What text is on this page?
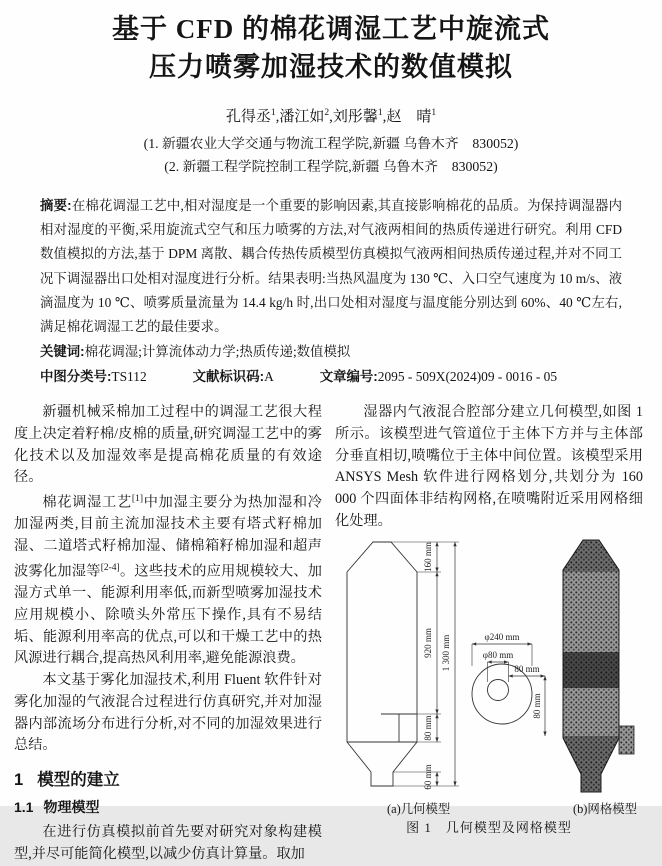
基于 CFD 的棉花调湿工艺中旋流式
压力喷雾加湿技术的数值模拟
孔得丞$^1$,潘江如$^2$,刘彤馨$^1$,赵　晴$^1$
(1. 新疆农业大学交通与物流工程学院,新疆 乌鲁木齐　830052)
(2. 新疆工程学院控制工程学院,新疆 乌鲁木齐　830052)
摘要:在棉花调湿工艺中,相对湿度是一个重要的影响因素,其直接影响棉花的品质。为保持调湿器内相对湿度的平衡,采用旋流式空气和压力喷雾的方法,对气液两相间的热质传递进行研究。利用 CFD 数值模拟的方法,基于 DPM 离散、耦合传热传质模型仿真模拟气液两相间热质传递过程,并对不同工况下调湿器出口处相对湿度进行分析。结果表明:当热风温度为 130 ℃、入口空气速度为 10 m/s、液滴温度为 10 ℃、喷雾质量流量为 14.4 kg/h 时,出口处相对湿度与温度能分别达到 60%、40 ℃左右,满足棉花调湿工艺的最佳要求。
关键词:棉花调湿;计算流体动力学;热质传递;数值模拟
中图分类号:TS112	文献标识码:A	文章编号:2095 - 509X(2024)09 - 0016 - 05

新疆机械采棉加工过程中的调湿工艺很大程度上决定着籽棉/皮棉的质量,研究调湿工艺中的雾化技术以及加湿效率是提高棉花质量的有效途径。

棉花调湿工艺[1]中加湿主要分为热加湿和冷加湿两类,目前主流加湿技术主要有塔式籽棉加湿、二道塔式籽棉加湿、储棉箱籽棉加湿和超声波雾化加湿等[2-4]。这些技术的应用规模较大、加湿方式单一、能源利用率低,而新型喷雾加湿技术应用规模小、除喷头外常压下操作,具有不易结垢、能源利用率高的优点,可以和干燥工艺中的热风源进行耦合,提高热风利用率,避免能源浪费。

本文基于雾化加湿技术,利用 Fluent 软件针对雾化加湿的气液混合过程进行仿真研究,并对加湿器内部流场分布进行分析,对不同的加湿效果进行总结。

1 模型的建立

1.1 物理模型

在进行仿真模拟前首先要对研究对象构建模型,并尽可能简化模型,以减少仿真计算量。取加

湿器内气液混合腔部分建立几何模型,如图 1 所示。该模型进气管道位于主体下方并与主体部分垂直相切,喷嘴位于主体中间位置。该模型采用 ANSYS Mesh 软件进行网格划分,共划分为 160 000 个四面体非结构网格,在喷嘴附近采用网格细化处理。

160 mm
920 mm
80 mm
60 mm
1 300 mm	φ240 mm
φ80 mm
80 mm
80 mm
(a)几何模型	(b)网格模型
图 1　几何模型及网格模型
